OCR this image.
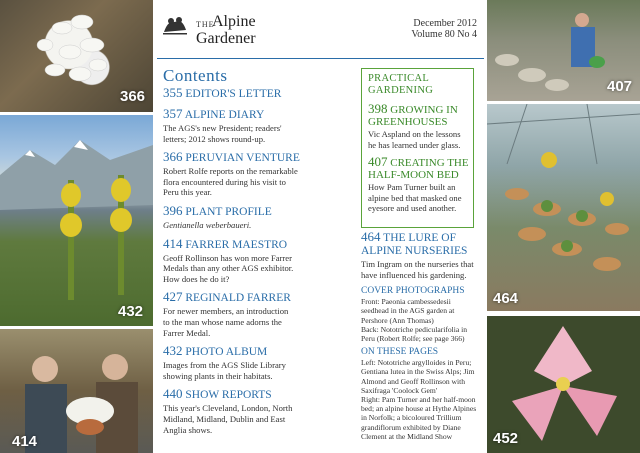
366
432
414
407
464
452
THE
Alpine
Gardener
December 2012
Volume 80 No 4
Contents
355 EDITOR'S LETTER
357 ALPINE DIARY
The AGS's new President; readers' letters; 2012 shows round-up.
366 PERUVIAN VENTURE
Robert Rolfe reports on the remarkable flora encountered during his visit to Peru this year.
396 PLANT PROFILE
Gentianella weberbaueri.
414 FARRER MAESTRO
Geoff Rollinson has won more Farrer Medals than any other AGS exhibitor. How does he do it?
427 REGINALD FARRER
For newer members, an introduction to the man whose name adorns the Farrer Medal.
432 PHOTO ALBUM
Images from the AGS Slide Library showing plants in their habitats.
440 SHOW REPORTS
This year's Cleveland, London, North Midland, Midland, Dublin and East Anglia shows.
PRACTICAL
GARDENING
398 GROWING IN
GREENHOUSES
Vic Aspland on the lessons he has learned under glass.
407 CREATING THE
HALF-MOON BED
How Pam Turner built an alpine bed that masked one eyesore and used another.
464 THE LURE OF
ALPINE NURSERIES
Tim Ingram on the nurseries that have influenced his gardening.
COVER PHOTOGRAPHS
Front: Paeonia cambessedesii seedhead in the AGS garden at Pershore (Ann Thomas)
Back: Nototriche pedicularifolia in Peru (Robert Rolfe; see page 366)
ON THESE PAGES
Left: Nototriche argylloides in Peru; Gentiana lutea in the Swiss Alps; Jim Almond and Geoff Rollinson with Saxifraga 'Coolock Gem'
Right: Pam Turner and her half-moon bed; an alpine house at Hythe Alpines in Norfolk; a bicoloured Trillium grandiflorum exhibited by Diane Clement at the Midland Show
